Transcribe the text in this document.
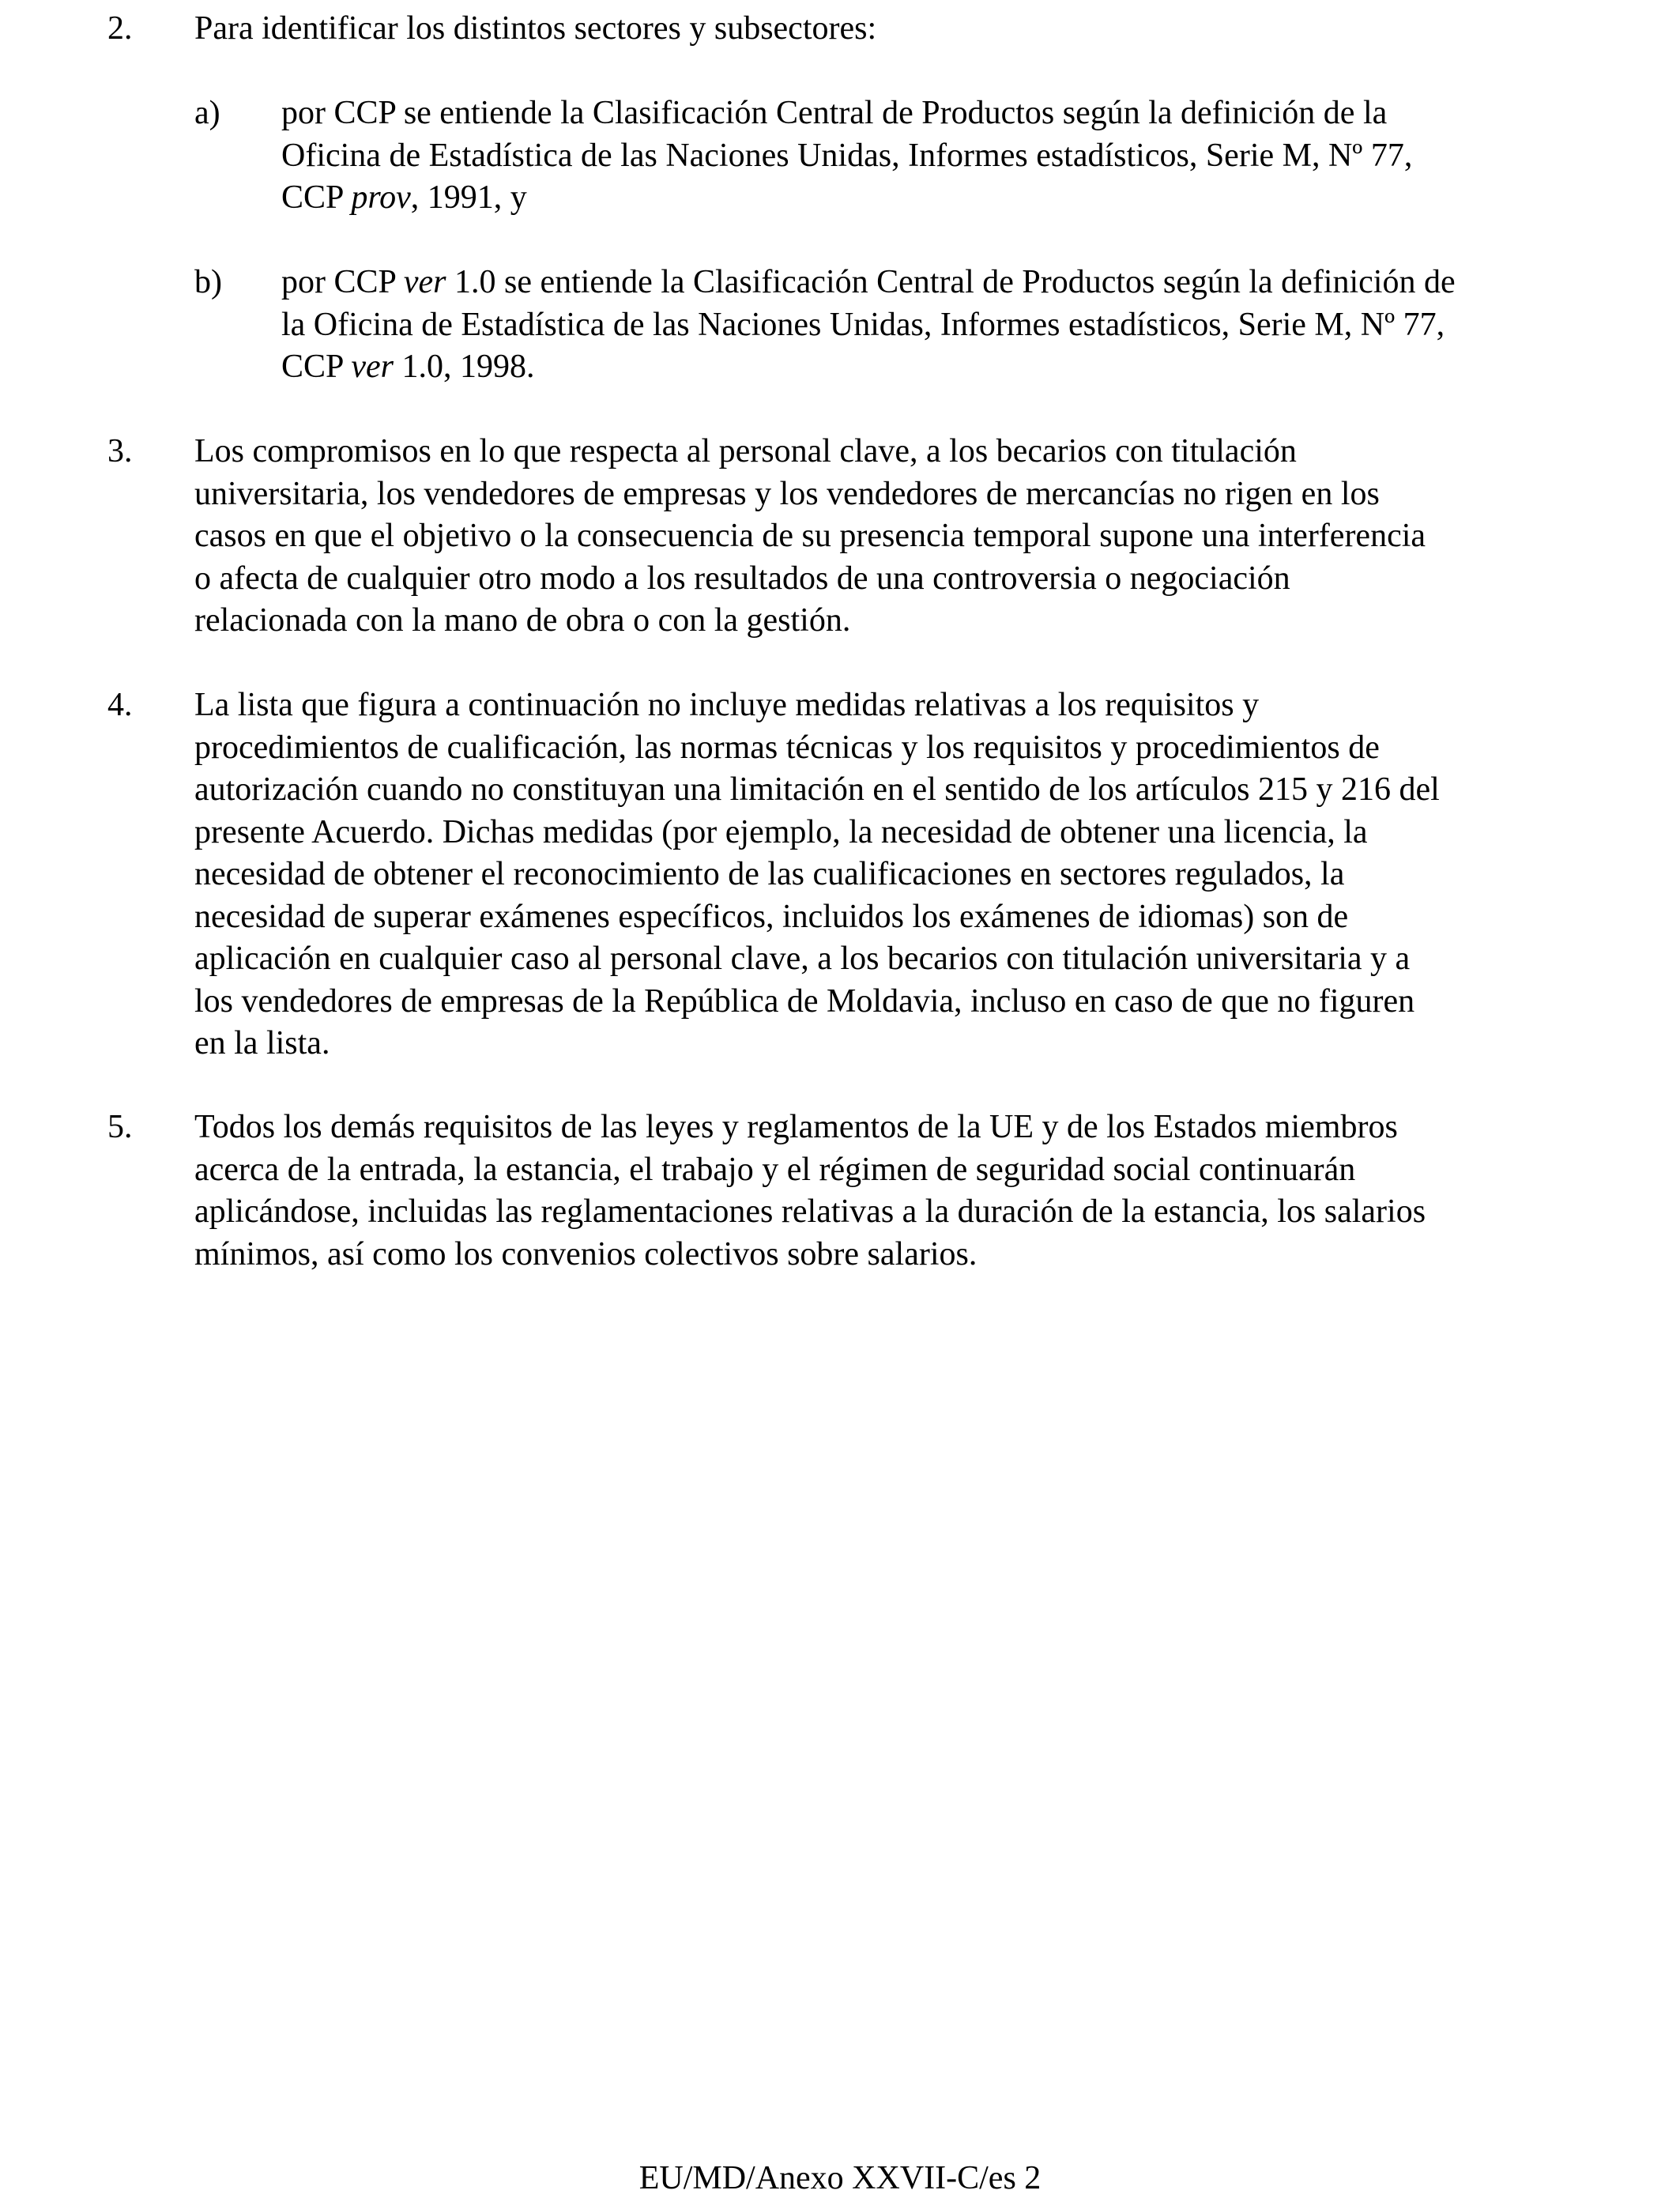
2. Para identificar los distintos sectores y subsectores:
a) por CCP se entiende la Clasificación Central de Productos según la definición de la
Oficina de Estadística de las Naciones Unidas, Informes estadísticos, Serie M, Nº 77,
CCP prov, 1991, y
b) por CCP ver 1.0 se entiende la Clasificación Central de Productos según la definición de
la Oficina de Estadística de las Naciones Unidas, Informes estadísticos, Serie M, Nº 77,
CCP ver 1.0, 1998.
3. Los compromisos en lo que respecta al personal clave, a los becarios con titulación
universitaria, los vendedores de empresas y los vendedores de mercancías no rigen en los
casos en que el objetivo o la consecuencia de su presencia temporal supone una interferencia
o afecta de cualquier otro modo a los resultados de una controversia o negociación
relacionada con la mano de obra o con la gestión.
4. La lista que figura a continuación no incluye medidas relativas a los requisitos y
procedimientos de cualificación, las normas técnicas y los requisitos y procedimientos de
autorización cuando no constituyan una limitación en el sentido de los artículos 215 y 216 del
presente Acuerdo. Dichas medidas (por ejemplo, la necesidad de obtener una licencia, la
necesidad de obtener el reconocimiento de las cualificaciones en sectores regulados, la
necesidad de superar exámenes específicos, incluidos los exámenes de idiomas) son de
aplicación en cualquier caso al personal clave, a los becarios con titulación universitaria y a
los vendedores de empresas de la República de Moldavia, incluso en caso de que no figuren
en la lista.
5. Todos los demás requisitos de las leyes y reglamentos de la UE y de los Estados miembros
acerca de la entrada, la estancia, el trabajo y el régimen de seguridad social continuarán
aplicándose, incluidas las reglamentaciones relativas a la duración de la estancia, los salarios
mínimos, así como los convenios colectivos sobre salarios.
EU/MD/Anexo XXVII-C/es 2
